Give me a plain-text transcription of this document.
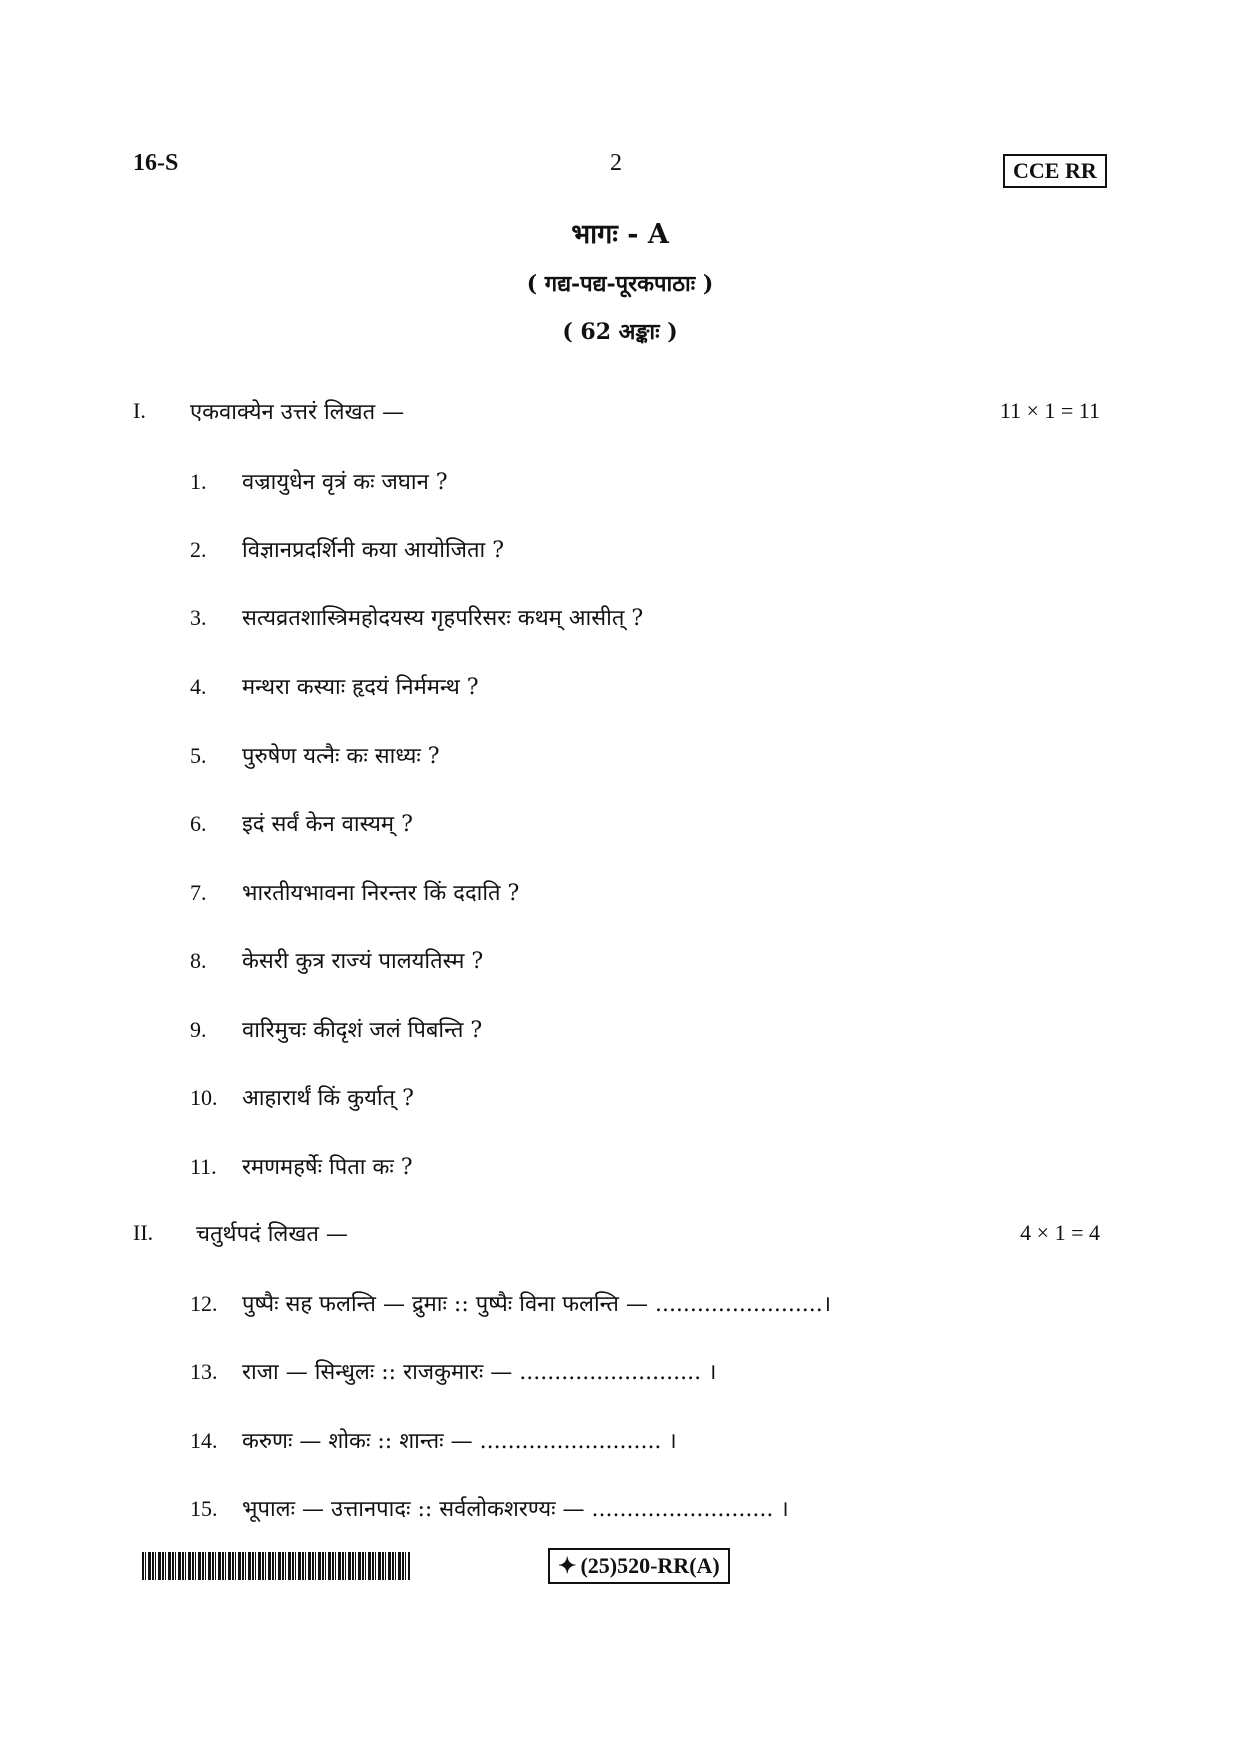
16-S	2	CCE RR
भागः - A
( गद्य-पद्य-पूरकपाठाः )
( 62 अङ्काः )
I. एकवाक्येन उत्तरं लिखत —	11 × 1 = 11
1. वज्रायुधेन वृत्रं कः जघान ?
2. विज्ञानप्रदर्शिनी कया आयोजिता ?
3. सत्यव्रतशास्त्रिमहोदयस्य गृहपरिसरः कथम् आसीत् ?
4. मन्थरा कस्याः हृदयं निर्ममन्थ ?
5. पुरुषेण यत्नैः कः साध्यः ?
6. इदं सर्वं केन वास्यम् ?
7. भारतीयभावना निरन्तर किं ददाति ?
8. केसरी कुत्र राज्यं पालयतिस्म ?
9. वारिमुचः कीदृशं जलं पिबन्ति ?
10. आहारार्थं किं कुर्यात् ?
11. रमणमहर्षेः पिता कः ?
II. चतुर्थपदं लिखत —	4 × 1 = 4
12. पुष्पैः सह फलन्ति — द्रुमाः :: पुष्पैः विना फलन्ति — ........................।
13. राजा — सिन्धुलः :: राजकुमारः — .......................... ।
14. करुणः — शोकः :: शान्तः — .......................... ।
15. भूपालः — उत्तानपादः :: सर्वलोकशरण्यः — .......................... ।
✦ (25)520-RR(A)
